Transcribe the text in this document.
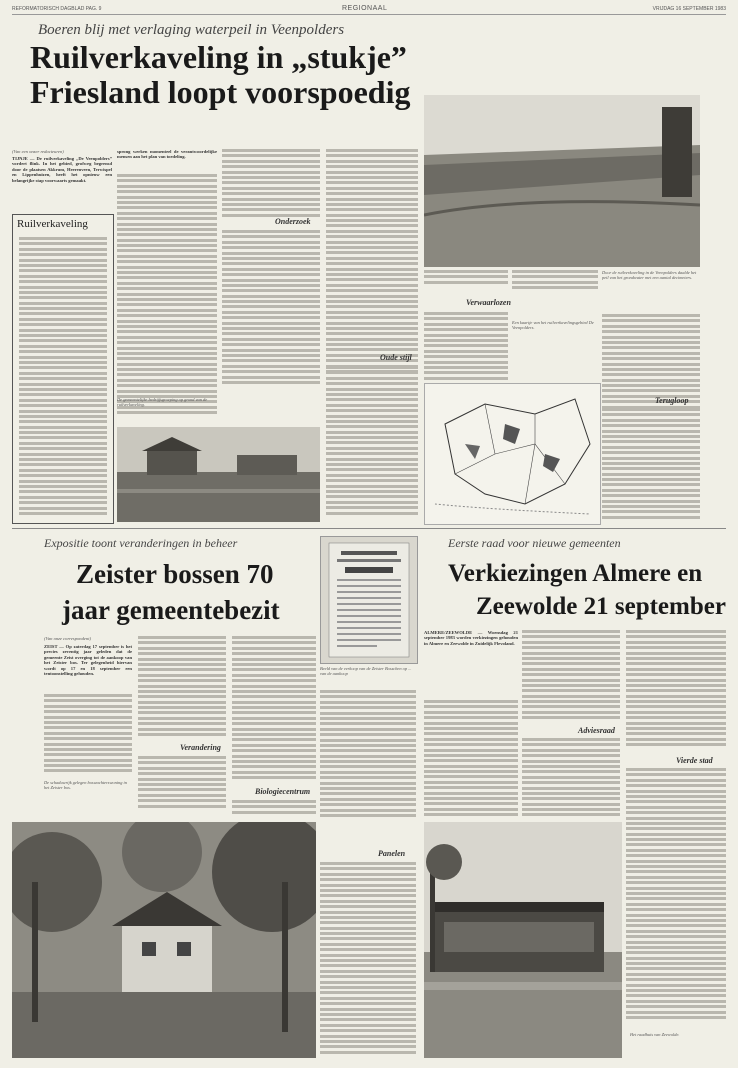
REFORMATORISCH DAGBLAD PAG. 9	REGIONAAL	VRIJDAG 16 SEPTEMBER 1983
Boeren blij met verlaging waterpeil in Veenpolders
Ruilverkaveling in „stukje”
Friesland loopt voorspoedig
(Van een onzer redacteuren)
TIJNJE — De ruilverkaveling „De Veenpolders” vordert flink. In het gebied, grofweg begrensd door de plaatsen Akkrum, Heerenveen, Terwispel en Lippenhuizen, heeft het opnieuw een belangrijke stap voorwaarts gemaakt.
sprong werken momenteel de verantwoordelijke mensen aan het plan van toedeling.
Ruilverkaveling	Onderzoek
Oude stijl
De gemeentelijke bedrijfsgroeping op grond van de ruilverkaveling.
Door de ruilverkaveling in de Veenpolders daalde het peil van het grondwater met een aantal decimeters.
Verwaarlozen
Een kaartje van het ruilverkavelingsgebied De Veenpolders.
Terugloop
Expositie toont veranderingen in beheer
Zeister bossen 70
jaar gemeentebezit
(Van onze correspondent)
ZEIST — Op zaterdag 17 september is het precies zeventig jaar geleden dat de gemeente Zeist overging tot de aankoop van het Zeister bos. Ter gelegenheid hiervan wordt op 17 en 18 september een tentoonstelling gehouden.
De schaduwrijk gelegen boswachterswoning in het Zeister bos.
Verandering
Biologiecentrum
Beeld van de verkoop van de Zeister Bosschen op ... van de aankoop
Panelen
Eerste raad voor nieuwe gemeenten
Verkiezingen Almere en
Zeewolde 21 september
ALMERE/ZEEWOLDE — Woensdag 21 september 1983 worden verkiezingen gehouden in Almere en Zeewolde in Zuidelijk Flevoland.
Adviesraad
Vierde stad
Het raadhuis van Zeewolde.
